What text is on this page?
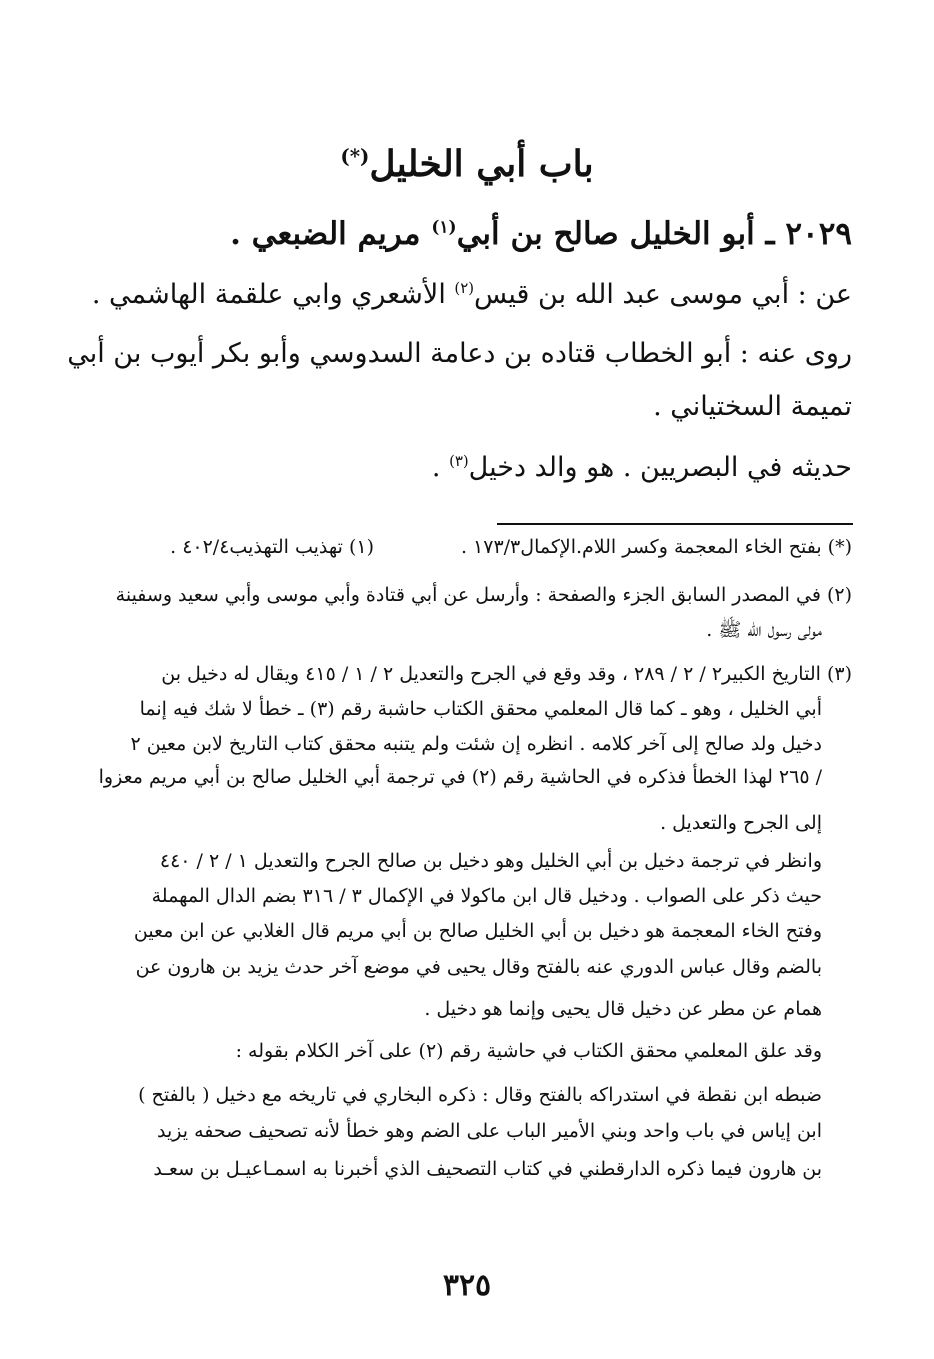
باب أبي الخليل(*)

٢٠٢٩ ـ أبو الخليل صالح بن أبي$^{(١)}$ مريم الضبعي .

عن : أبي موسى عبد الله بن قيس$^{(٢)}$ الأشعري وابي علقمة الهاشمي .

روى عنه : أبو الخطاب قتاده بن دعامة السدوسي وأبو بكر أيوب بن أبي

تميمة السختياني .

حديثه في البصريين . هو والد دخيل$^{(٣)}$ .

(*) بفتح الخاء المعجمة وكسر اللام.الإكمال١٧٣/٣ .

(١) تهذيب التهذيب٤٠٢/٤ .

(٢) في المصدر السابق الجزء والصفحة : وأرسل عن أبي قتادة وأبي موسى وأبي سعيد وسفينة

مولى رسول الله ﷺ .

(٣) التاريخ الكبير٢ / ٢ / ٢٨٩ ، وقد وقع في الجرح والتعديل ٢ / ١ / ٤١٥ ويقال له دخيل بن

أبي الخليل ، وهو ـ كما قال المعلمي محقق الكتاب حاشبة رقم (٣) ـ خطأ لا شك فيه إنما

دخيل ولد صالح إلى آخر كلامه . انظره إن شئت ولم يتنبه محقق كتاب التاريخ لابن معين ٢

/ ٢٦٥ لهذا الخطأ فذكره في الحاشية رقم (٢) في ترجمة أبي الخليل صالح بن أبي مريم معزوا

إلى الجرح والتعديل .

وانظر في ترجمة دخيل بن أبي الخليل وهو دخيل بن صالح الجرح والتعديل ١ / ٢ / ٤٤٠

حيث ذكر على الصواب . ودخيل قال ابن ماكولا في الإكمال ٣ / ٣١٦ بضم الدال المهملة

وفتح الخاء المعجمة هو دخيل بن أبي الخليل صالح بن أبي مريم قال الغلابي عن ابن معين

بالضم وقال عباس الدوري عنه بالفتح وقال يحيى في موضع آخر حدث يزيد بن هارون عن

همام عن مطر عن دخيل قال يحيى وإنما هو دخيل .

وقد علق المعلمي محقق الكتاب في حاشية رقم (٢) على آخر الكلام بقوله :

ضبطه ابن نقطة في استدراكه بالفتح وقال : ذكره البخاري في تاريخه مع دخيل ( بالفتح )

ابن إياس في باب واحد وبني الأمير الباب على الضم وهو خطأ لأنه تصحيف صحفه يزيد

بن هارون فيما ذكره الدارقطني في كتاب التصحيف الذي أخبرنا به اسمـاعيـل بن سعـد

٣٢٥
